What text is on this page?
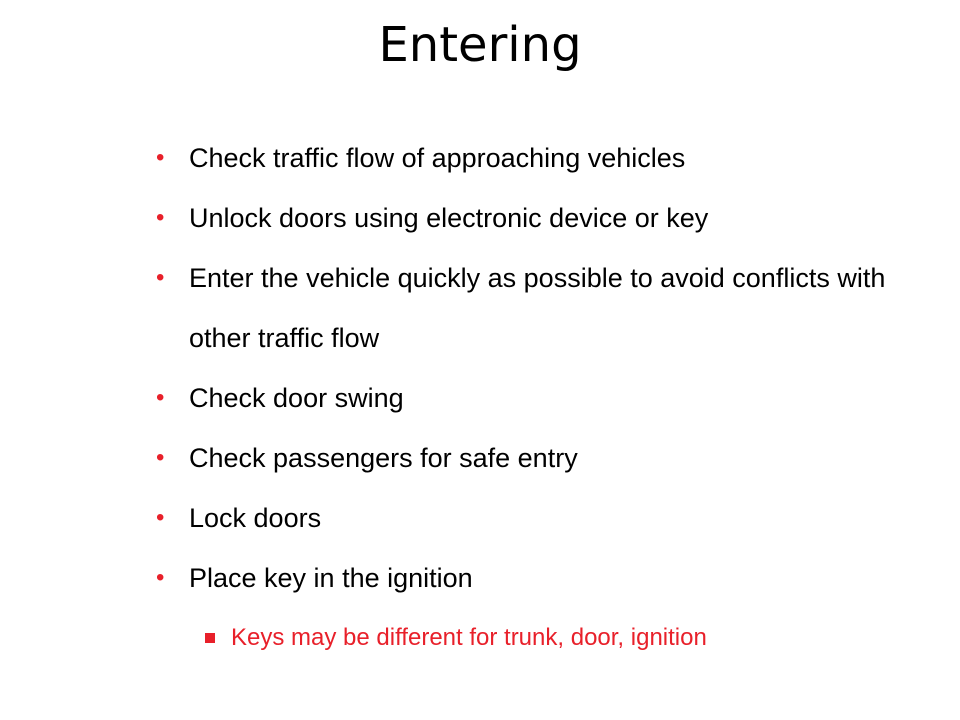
Entering
• Check traffic flow of approaching vehicles
• Unlock doors using electronic device or key
• Enter the vehicle quickly as possible to avoid conflicts with other traffic flow
• Check door swing
• Check passengers for safe entry
• Lock doors
• Place key in the ignition
Keys may be different for trunk, door, ignition
